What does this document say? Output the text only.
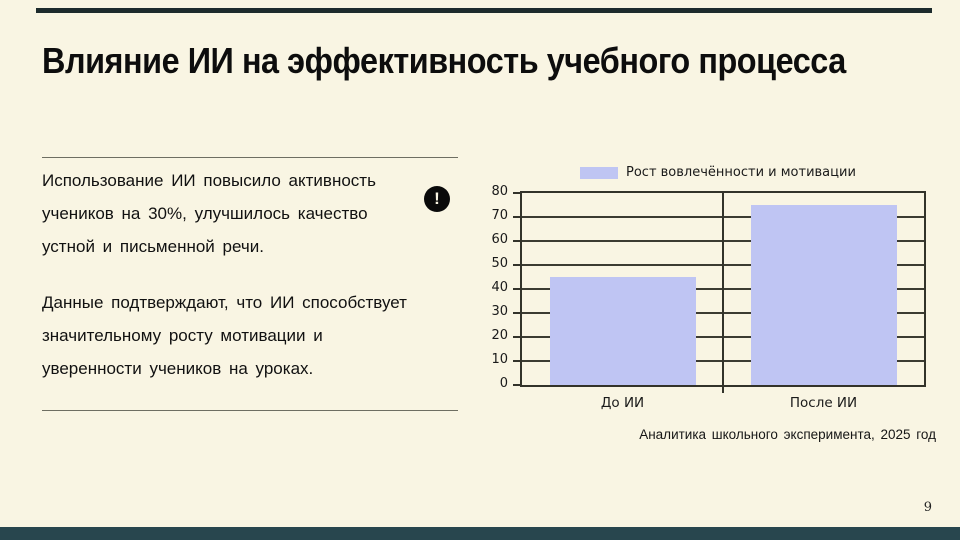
Влияние ИИ на эффективность учебного процесса
Использование ИИ повысило активность
учеников на 30%, улучшилось качество
устной и письменной речи.
!
Данные подтверждают, что ИИ способствует
значительному росту мотивации и
уверенности учеников на уроках.
Рост вовлечённости и мотивации
0
10
20
30
40
50
60
70
80
До ИИ	После ИИ
Аналитика школьного эксперимента, 2025 год
9
